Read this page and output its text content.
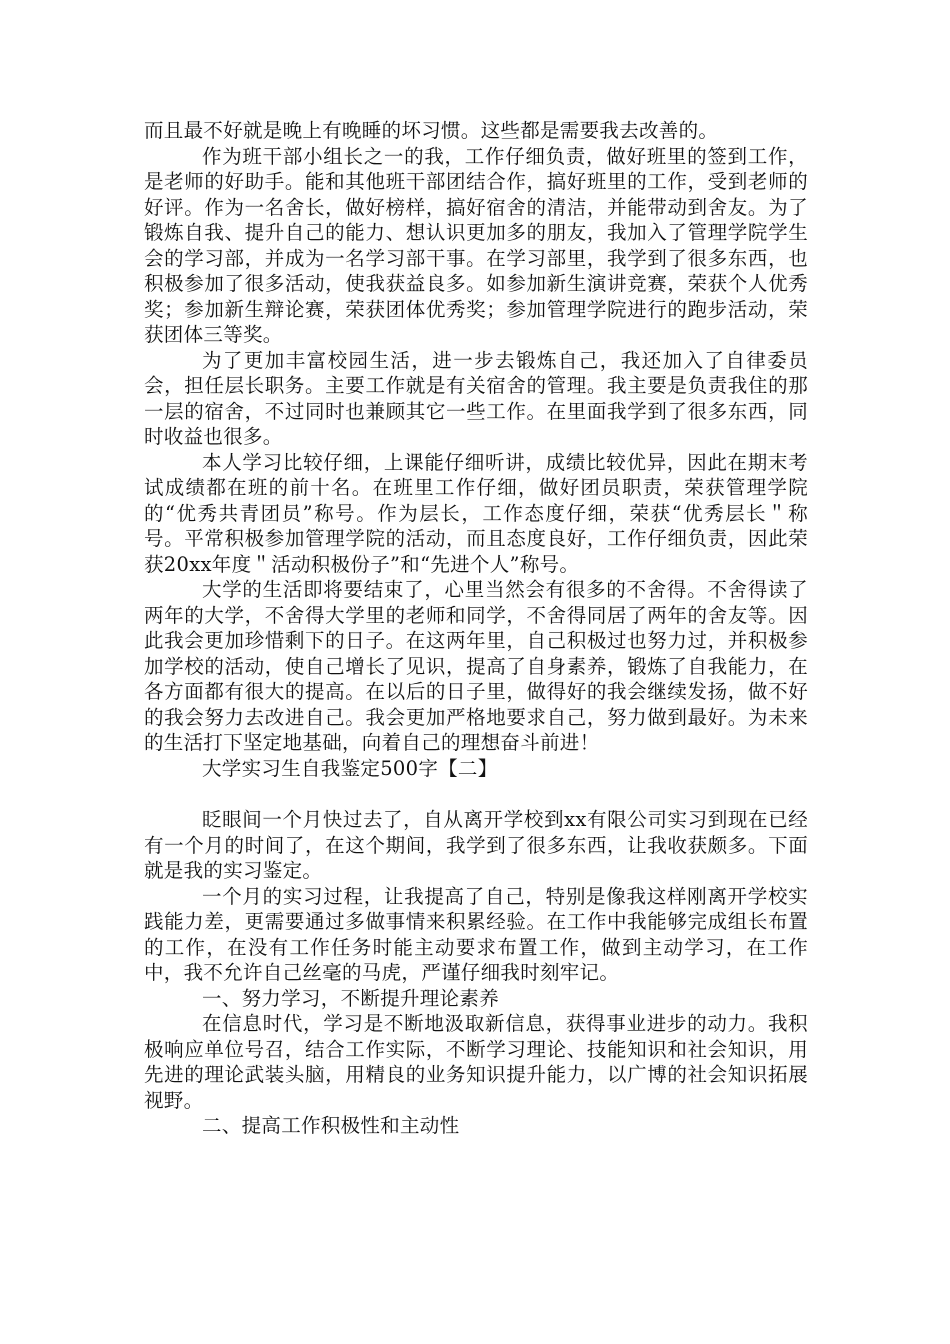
而且最不好就是晚上有晚睡的坏习惯。这些都是需要我去改善的。

作为班干部小组长之一的我，工作仔细负责，做好班里的签到工作，是老师的好助手。能和其他班干部团结合作，搞好班里的工作，受到老师的好评。作为一名舍长，做好榜样，搞好宿舍的清洁，并能带动到舍友。为了锻炼自我、提升自己的能力、想认识更加多的朋友，我加入了管理学院学生会的学习部，并成为一名学习部干事。在学习部里，我学到了很多东西，也积极参加了很多活动，使我获益良多。如参加新生演讲竞赛，荣获个人优秀奖；参加新生辩论赛，荣获团体优秀奖；参加管理学院进行的跑步活动，荣获团体三等奖。

为了更加丰富校园生活，进一步去锻炼自己，我还加入了自律委员会，担任层长职务。主要工作就是有关宿舍的管理。我主要是负责我住的那一层的宿舍，不过同时也兼顾其它一些工作。在里面我学到了很多东西，同时收益也很多。

本人学习比较仔细，上课能仔细听讲，成绩比较优异，因此在期末考试成绩都在班的前十名。在班里工作仔细，做好团员职责，荣获管理学院的“优秀共青团员”称号。作为层长，工作态度仔细，荣获“优秀层长＂称号。平常积极参加管理学院的活动，而且态度良好，工作仔细负责，因此荣获20xx年度＂活动积极份子”和“先进个人”称号。

大学的生活即将要结束了，心里当然会有很多的不舍得。不舍得读了两年的大学，不舍得大学里的老师和同学，不舍得同居了两年的舍友等。因此我会更加珍惜剩下的日子。在这两年里，自己积极过也努力过，并积极参加学校的活动，使自己增长了见识，提高了自身素养，锻炼了自我能力，在各方面都有很大的提高。在以后的日子里，做得好的我会继续发扬，做不好的我会努力去改进自己。我会更加严格地要求自己，努力做到最好。为未来的生活打下坚定地基础，向着自己的理想奋斗前进！

大学实习生自我鉴定500字【二】

眨眼间一个月快过去了，自从离开学校到xx有限公司实习到现在已经有一个月的时间了，在这个期间，我学到了很多东西，让我收获颇多。下面就是我的实习鉴定。

一个月的实习过程，让我提高了自己，特别是像我这样刚离开学校实践能力差，更需要通过多做事情来积累经验。在工作中我能够完成组长布置的工作，在没有工作任务时能主动要求布置工作，做到主动学习，在工作中，我不允许自己丝毫的马虎，严谨仔细我时刻牢记。

一、努力学习，不断提升理论素养

在信息时代，学习是不断地汲取新信息，获得事业进步的动力。我积极响应单位号召，结合工作实际，不断学习理论、技能知识和社会知识，用先进的理论武装头脑，用精良的业务知识提升能力，以广博的社会知识拓展视野。

二、提高工作积极性和主动性
